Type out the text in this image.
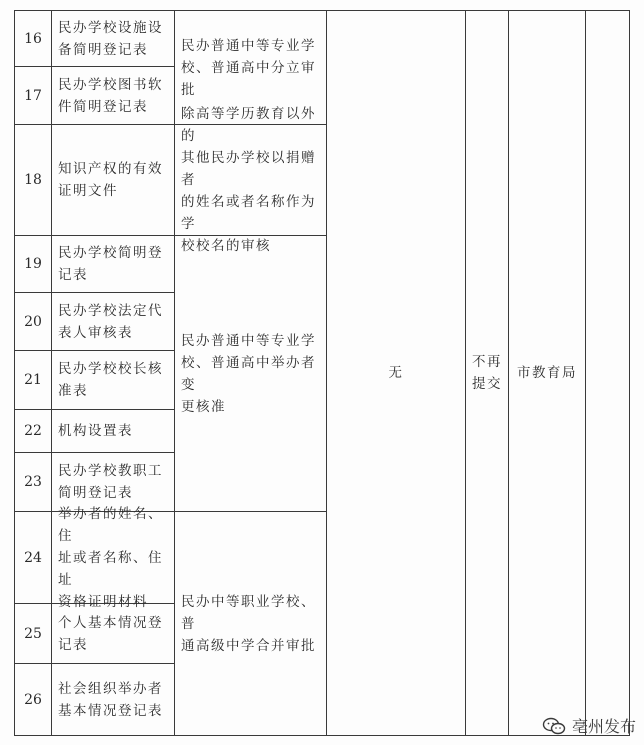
16
17
18
19
20
21
22
23
24
25
26
民办学校设施设
备简明登记表
民办学校图书软
件简明登记表
知识产权的有效
证明文件
民办学校简明登
记表
民办学校法定代
表人审核表
民办学校校长核
准表
机构设置表
民办学校教职工
简明登记表
举办者的姓名、住
址或者名称、住址
资格证明材料
个人基本情况登
记表
社会组织举办者
基本情况登记表
民办普通中等专业学
校、普通高中分立审批
除高等学历教育以外的
其他民办学校以捐赠者
的姓名或者名称作为学
校校名的审核
民办普通中等专业学
校、普通高中举办者变
更核准
民办中等职业学校、普
通高级中学合并审批
无
不再
提交
市教育局
亳州发布
